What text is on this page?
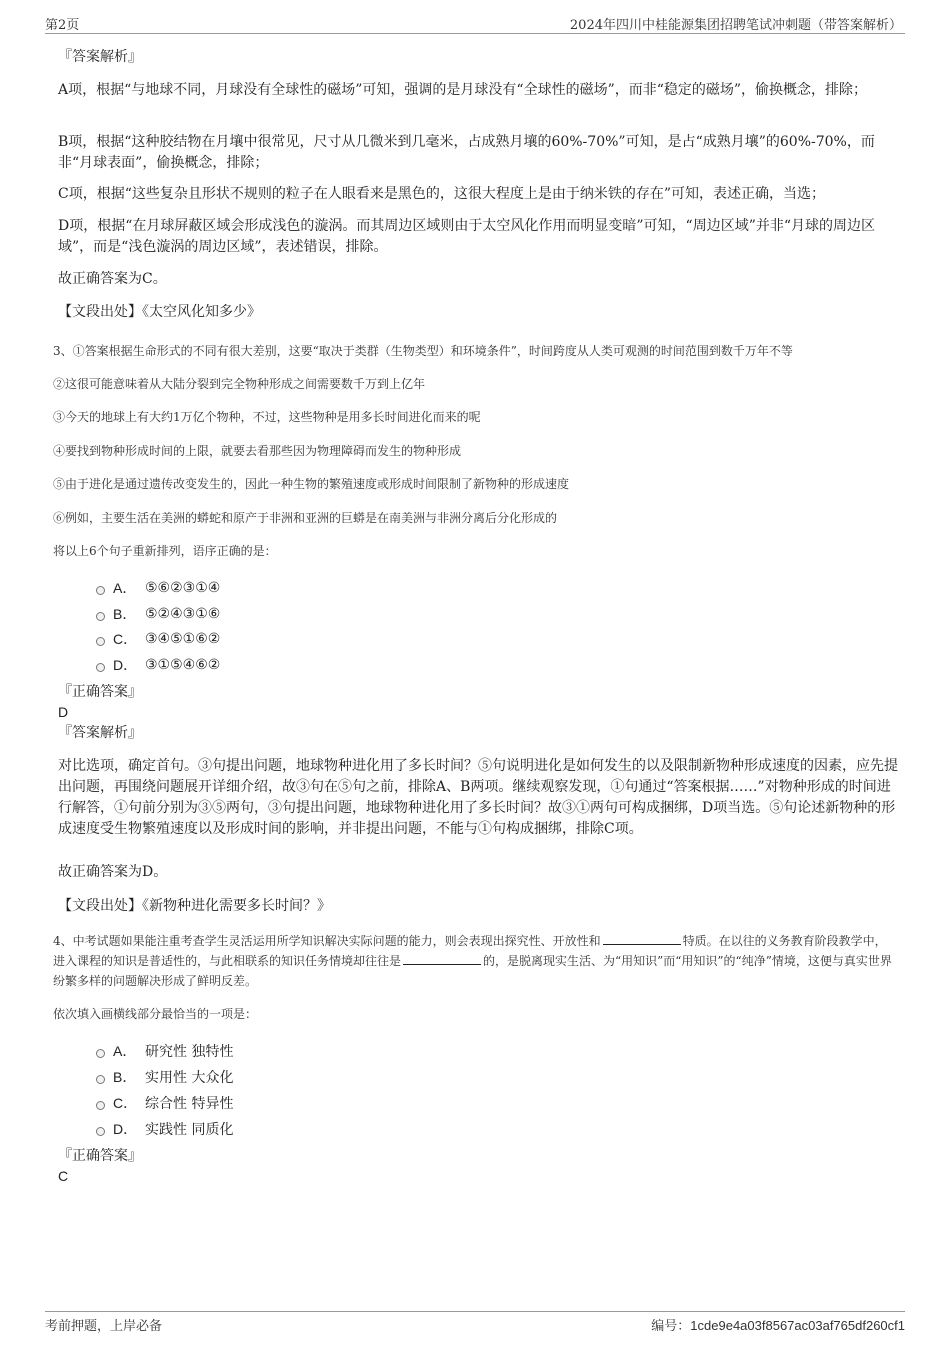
第2页	2024年四川中桂能源集团招聘笔试冲刺题（带答案解析）
『答案解析』
A项，根据“与地球不同，月球没有全球性的磁场”可知，强调的是月球没有“全球性的磁场”，而非“稳定的磁场”，偷换概念，排除；
B项，根据“这种胶结物在月壤中很常见，尺寸从几微米到几毫米，占成熟月壤的60%-70%”可知，是占“成熟月壤”的60%-70%，而非“月球表面”，偷换概念，排除；
C项，根据“这些复杂且形状不规则的粒子在人眼看来是黑色的，这很大程度上是由于纳米铁的存在”可知，表述正确，当选；
D项，根据“在月球屏蔽区域会形成浅色的漩涡。而其周边区域则由于太空风化作用而明显变暗”可知，“周边区域”并非“月球的周边区域”，而是“浅色漩涡的周边区域”，表述错误，排除。
故正确答案为C。
【文段出处】《太空风化知多少》
3、①答案根据生命形式的不同有很大差别，这要“取决于类群（生物类型）和环境条件”，时间跨度从人类可观测的时间范围到数千万年不等
②这很可能意味着从大陆分裂到完全物种形成之间需要数千万到上亿年
③今天的地球上有大约1万亿个物种，不过，这些物种是用多长时间进化而来的呢
④要找到物种形成时间的上限，就要去看那些因为物理障碍而发生的物种形成
⑤由于进化是通过遗传改变发生的，因此一种生物的繁殖速度或形成时间限制了新物种的形成速度
⑥例如，主要生活在美洲的蟒蛇和原产于非洲和亚洲的巨蟒是在南美洲与非洲分离后分化形成的
将以上6个句子重新排列，语序正确的是：
A． ⑤⑥②③①④
B． ⑤②④③①⑥
C． ③④⑤①⑥②
D． ③①⑤④⑥②
『正确答案』
D
『答案解析』
对比选项，确定首句。③句提出问题，地球物种进化用了多长时间？⑤句说明进化是如何发生的以及限制新物种形成速度的因素，应先提出问题，再围绕问题展开详细介绍，故③句在⑤句之前，排除A、B两项。继续观察发现，①句通过“答案根据……”对物种形成的时间进行解答，①句前分别为③⑤两句，③句提出问题，地球物种进化用了多长时间？故③①两句可构成捆绑，D项当选。⑤句论述新物种的形成速度受生物繁殖速度以及形成时间的影响，并非提出问题，不能与①句构成捆绑，排除C项。
故正确答案为D。
【文段出处】《新物种进化需要多长时间？》
4、中考试题如果能注重考查学生灵活运用所学知识解决实际问题的能力，则会表现出探究性、开放性和	特质。在以往的义务教育阶段教学中，进入课程的知识是普适性的，与此相联系的知识任务情境却往往是	的，是脱离现实生活、为“用知识”而“用知识”的“纯净”情境，这便与真实世界纷繁多样的问题解决形成了鲜明反差。
依次填入画横线部分最恰当的一项是：
A． 研究性 独特性
B． 实用性 大众化
C． 综合性 特异性
D． 实践性 同质化
『正确答案』
C
考前押题，上岸必备	编号：1cde9e4a03f8567ac03af765df260cf1
